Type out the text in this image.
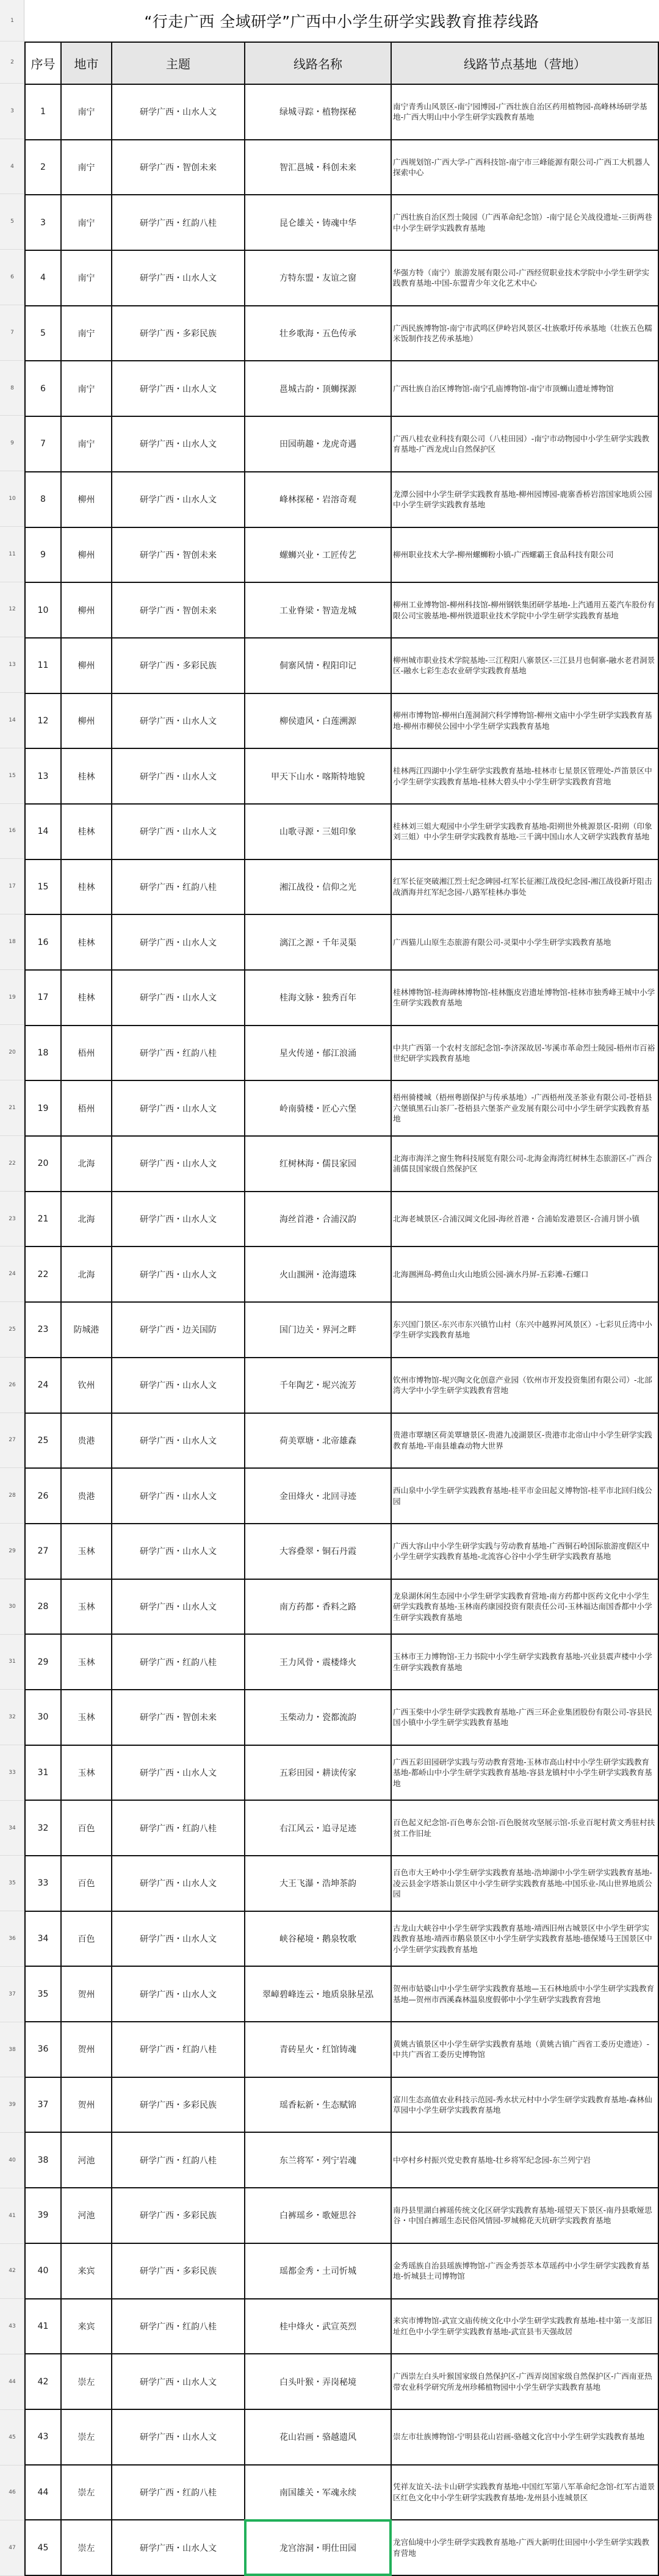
1
2
3
4
5
6
7
8
9
10
11
12
13
14
15
16
17
18
19
20
21
22
23
24
25
26
27
28
29
30
31
32
33
34
35
36
37
38
39
40
41
42
43
44
45
46
47
“行走广西 全域研学”广西中小学生研学实践教育推荐线路
序号	地市	主题	线路名称	线路节点基地（营地）
1	南宁	研学广西・山水人文	绿城寻踪・植物探秘	南宁青秀山风景区-南宁园博园-广西壮族自治区药用植物园-高峰林场研学基地-广西大明山中小学生研学实践教育基地
2	南宁	研学广西・智创未来	智汇邕城・科创未来	广西规划馆-广西大学-广西科技馆-南宁市三峰能源有限公司-广西工大机器人探索中心
3	南宁	研学广西・红韵八桂	昆仑雄关・铸魂中华	广西壮族自治区烈士陵园（广西革命纪念馆）-南宁昆仑关战役遗址-三街两巷中小学生研学实践教育基地
4	南宁	研学广西・山水人文	方特东盟・友谊之窗	华强方特（南宁）旅游发展有限公司-广西经贸职业技术学院中小学生研学实践教育基地-中国-东盟青少年文化艺术中心
5	南宁	研学广西・多彩民族	壮乡歌海・五色传承	广西民族博物馆-南宁市武鸣区伊岭岩风景区-壮族歌圩传承基地（壮族五色糯米饭制作技艺传承基地）
6	南宁	研学广西・山水人文	邕城古韵・顶蛳探源	广西壮族自治区博物馆-南宁孔庙博物馆-南宁市顶蛳山遗址博物馆
7	南宁	研学广西・山水人文	田园萌趣・龙虎奇遇	广西八桂农业科技有限公司（八桂田园）-南宁市动物园中小学生研学实践教育基地-广西龙虎山自然保护区
8	柳州	研学广西・山水人文	峰林探秘・岩溶奇观	龙潭公园中小学生研学实践教育基地-柳州园博园-鹿寨香桥岩溶国家地质公园中小学生研学实践教育基地
9	柳州	研学广西・智创未来	螺蛳兴业・工匠传艺	柳州职业技术大学-柳州螺蛳粉小镇-广西螺霸王食品科技有限公司
10	柳州	研学广西・智创未来	工业脊梁・智造龙城	柳州工业博物馆-柳州科技馆-柳州钢铁集团研学基地-上汽通用五菱汽车股份有限公司宝骏基地-柳州铁道职业技术学院中小学生研学实践教育基地
11	柳州	研学广西・多彩民族	侗寨风情・程阳印记	柳州城市职业技术学院基地-三江程阳八寨景区-三江县月也侗寨-融水老君洞景区-融水七彩生态农业研学实践教育基地
12	柳州	研学广西・山水人文	柳侯遗风・白莲溯源	柳州市博物馆-柳州白莲洞洞穴科学博物馆-柳州文庙中小学生研学实践教育基地-柳州市柳侯公园中小学生研学实践教育基地
13	桂林	研学广西・山水人文	甲天下山水・喀斯特地貌	桂林两江四湖中小学生研学实践教育基地-桂林市七星景区管理处-芦笛景区中小学生研学实践教育基地-桂林大碧头中小学生研学实践教育营地
14	桂林	研学广西・山水人文	山歌寻源・三姐印象	桂林刘三姐大观园中小学生研学实践教育基地-阳朔世外桃源景区-阳朔（印象刘三姐）中小学生研学实践教育基地-三千漓中国山水人文研学实践教育基地
15	桂林	研学广西・红韵八桂	湘江战役・信仰之光	红军长征突破湘江烈士纪念碑园-红军长征湘江战役纪念园-湘江战役新圩阻击战酒海井红军纪念园-八路军桂林办事处
16	桂林	研学广西・山水人文	漓江之源・千年灵渠	广西猫儿山原生态旅游有限公司-灵渠中小学生研学实践教育基地
17	桂林	研学广西・山水人文	桂海文脉・独秀百年	桂林博物馆-桂海碑林博物馆-桂林甑皮岩遗址博物馆-桂林市独秀峰王城中小学生研学实践教育基地
18	梧州	研学广西・红韵八桂	星火传递・郁江浪涌	中共广西第一个农村支部纪念馆-李济深故居-岑溪市革命烈士陵园-梧州市百裕世纪研学实践教育基地
19	梧州	研学广西・山水人文	岭南骑楼・匠心六堡	梧州骑楼城（梧州粤剧保护与传承基地）-广西梧州茂圣茶业有限公司-苍梧县六堡镇黑石山茶厂-苍梧县六堡茶产业发展有限公司中小学生研学实践教育基地
20	北海	研学广西・山水人文	红树林海・儒艮家园	北海市海洋之窗生物科技展览有限公司-北海金海湾红树林生态旅游区-广西合浦儒艮国家级自然保护区
21	北海	研学广西・山水人文	海丝首港・合浦汉韵	北海老城景区-合浦汉阊文化园-海丝首港・合浦始发港景区-合浦月饼小镇
22	北海	研学广西・山水人文	火山涠洲・沧海遗珠	北海涠洲岛-鳄鱼山火山地质公园-滴水丹屏-五彩滩-石螺口
23	防城港	研学广西・边关国防	国门边关・界河之畔	东兴国门景区-东兴市东兴镇竹山村（东兴中越界河风景区）-七彩贝丘湾中小学生研学实践教育基地
24	钦州	研学广西・山水人文	千年陶艺・坭兴流芳	钦州市博物馆-坭兴陶文化创意产业园（钦州市开发投资集团有限公司）-北部湾大学中小学生研学实践教育营地
25	贵港	研学广西・山水人文	荷美覃塘・北帝雄森	贵港市覃塘区荷美覃塘景区-贵港九凌湖景区-贵港市北帝山中小学生研学实践教育基地-平南县雄森动物大世界
26	贵港	研学广西・山水人文	金田烽火・北回寻迹	西山泉中小学生研学实践教育基地-桂平市金田起义博物馆-桂平市北回归线公园
27	玉林	研学广西・山水人文	大容叠翠・铜石丹霞	广西大容山中小学生研学实践与劳动教育基地-广西铜石岭国际旅游度假区中小学生研学实践教育基地-北流容心谷中小学生研学实践教育基地
28	玉林	研学广西・山水人文	南方药都・香料之路	龙泉湖休闲生态园中小学生研学实践教育营地-南方药都中医药文化中小学生研学实践教育基地-玉林南药康园投资有限责任公司-玉林福达南国香都中小学生研学实践教育基地
29	玉林	研学广西・红韵八桂	王力风骨・震楼烽火	玉林市王力博物馆-王力书院中小学生研学实践教育基地-兴业县震声楼中小学生研学实践教育基地
30	玉林	研学广西・智创未来	玉柴动力・瓷都流韵	广西玉柴中小学生研学实践教育基地-广西三环企业集团股份有限公司-容县民国小镇中小学生研学实践教育基地
31	玉林	研学广西・山水人文	五彩田园・耕读传家	广西五彩田园研学实践与劳动教育营地-玉林市高山村中小学生研学实践教育基地-都峤山中小学生研学实践教育基地-容县龙镇村中小学生研学实践教育基地
32	百色	研学广西・红韵八桂	右江风云・追寻足迹	百色起义纪念馆-百色粤东会馆-百色脱贫攻坚展示馆-乐业百坭村黄文秀驻村扶贫工作旧址
33	百色	研学广西・山水人文	大王飞瀑・浩坤茶韵	百色市大王岭中小学生研学实践教育基地-浩坤湖中小学生研学实践教育基地-凌云县金字塔茶山景区中小学生研学实践教育基地-中国乐业-凤山世界地质公园
34	百色	研学广西・山水人文	峡谷秘境・鹅泉牧歌	古龙山大峡谷中小学生研学实践教育基地-靖西旧州古城景区中小学生研学实践教育基地-靖西市鹅泉景区中小学生研学实践教育基地-德保矮马王国景区中小学生研学实践教育基地
35	贺州	研学广西・山水人文	翠嶂碧峰连云・地质泉脉星泓	贺州市姑婆山中小学生研学实践教育基地—玉石林地质中小学生研学实践教育基地—贺州市西溪森林温泉度假邨中小学生研学实践教育营地
36	贺州	研学广西・红韵八桂	青砖星火・红馆铸魂	黄姚古镇景区中小学生研学实践教育基地（黄姚古镇广西省工委历史遗迹）-中共广西省工委历史博物馆
37	贺州	研学广西・多彩民族	瑶香耘新・生态赋锦	富川生态高值农业科技示范园-秀水状元村中小学生研学实践教育基地-森林仙草园中小学生研学实践教育基地
38	河池	研学广西・红韵八桂	东兰将军・列宁岩魂	中亭村乡村振兴党史教育基地-壮乡将军纪念园-东兰列宁岩
39	河池	研学广西・多彩民族	白裤瑶乡・歌娅思谷	南丹县里湖白裤瑶传统文化区研学实践教育基地-瑶望天下景区-南丹县歌娅思谷・中国白裤瑶生态民俗风情园-罗城棉花天坑研学实践教育基地
40	来宾	研学广西・多彩民族	瑶都金秀・土司忻城	金秀瑶族自治县瑶族博物馆-广西金秀荟萃本草瑶药中小学生研学实践教育基地-忻城县土司博物馆
41	来宾	研学广西・红韵八桂	桂中烽火・武宣英烈	来宾市博物馆-武宣文庙传统文化中小学生研学实践教育基地-桂中第一支部旧址红色中小学生研学实践教育基地-武宣县韦天强故居
42	崇左	研学广西・山水人文	白头叶猴・弄岗秘境	广西崇左白头叶猴国家级自然保护区-广西弄岗国家级自然保护区-广西南亚热带农业科学研究所龙州珍稀植物园中小学生研学实践教育基地
43	崇左	研学广西・山水人文	花山岩画・骆越遗风	崇左市壮族博物馆-宁明县花山岩画-骆越文化宫中小学生研学实践教育基地
44	崇左	研学广西・红韵八桂	南国雄关・军魂永续	凭祥友谊关-法卡山研学实践教育基地-中国红军第八军革命纪念馆-红军古道景区红色文化中小学生研学实践教育基地-龙州县小连城景区
45	崇左	研学广西・山水人文	龙宫溶洞・明仕田园	龙宫仙境中小学生研学实践教育基地-广西大新明仕田园中小学生研学实践教育营地
